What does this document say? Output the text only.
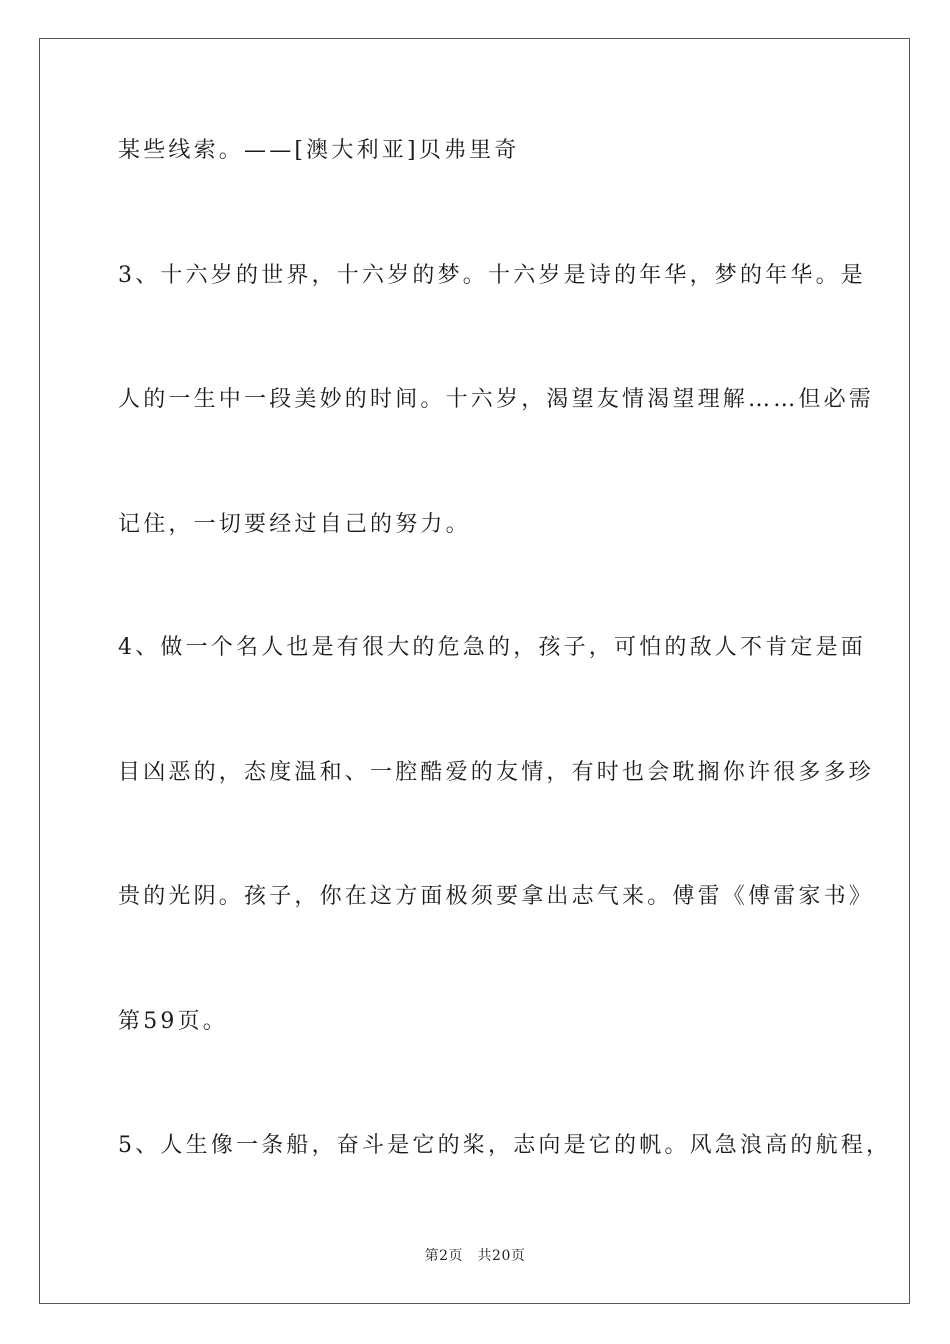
某些线索。——[澳大利亚]贝弗里奇
3、十六岁的世界，十六岁的梦。十六岁是诗的年华，梦的年华。是
人的一生中一段美妙的时间。十六岁，渴望友情渴望理解……但必需
记住，一切要经过自己的努力。
4、做一个名人也是有很大的危急的，孩子，可怕的敌人不肯定是面
目凶恶的，态度温和、一腔酷爱的友情，有时也会耽搁你许很多多珍
贵的光阴。孩子，你在这方面极须要拿出志气来。傅雷《傅雷家书》
第59页。
5、人生像一条船，奋斗是它的桨，志向是它的帆。风急浪高的航程，
第2页　共20页
